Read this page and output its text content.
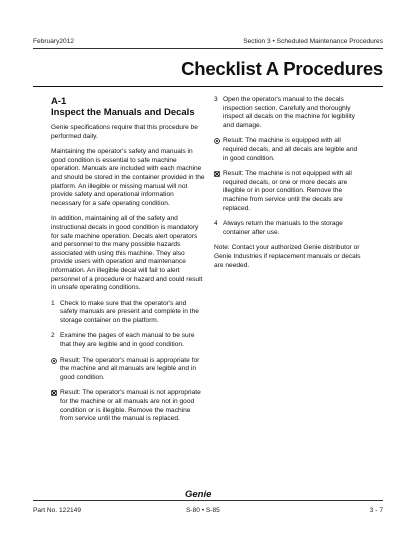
February2012	Section 3 • Scheduled Maintenance Procedures
Checklist A Procedures

A-1

Inspect the Manuals and Decals

Genie specifications require that this procedure be performed daily.

Maintaining the operator's safety and manuals in good condition is essential to safe machine operation. Manuals are included with each machine and should be stored in the container provided in the platform. An illegible or missing manual will not provide safety and operational information necessary for a safe operating condition.

In addition, maintaining all of the safety and instructional decals in good condition is mandatory for safe machine operation. Decals alert operators and personnel to the many possible hazards associated with using this machine. They also provide users with operation and maintenance information. An illegible decal will fail to alert personnel of a procedure or hazard and could result in unsafe operating conditions.

1 Check to make sure that the operator's and safety manuals are present and complete in the storage container on the platform.
2 Examine the pages of each manual to be sure that they are legible and in good condition.
Result: The operator's manual is appropriate for the machine and all manuals are legible and in good condition.
Result: The operator's manual is not appropriate for the machine or all manuals are not in good condition or is illegible. Remove the machine from service until the manual is replaced.
3 Open the operator's manual to the decals inspection section. Carefully and thoroughly inspect all decals on the machine for legibility and damage.
Result: The machine is equipped with all required decals, and all decals are legible and in good condition.
Result: The machine is not equipped with all required decals, or one or more decals are illegible or in poor condition. Remove the machine from service until the decals are replaced.
4 Always return the manuals to the storage container after use.

Note: Contact your authorized Genie distributor or Genie Industries if replacement manuals or decals are needed.

Genie
Part No. 122149	S-80 • S-85	3 - 7
